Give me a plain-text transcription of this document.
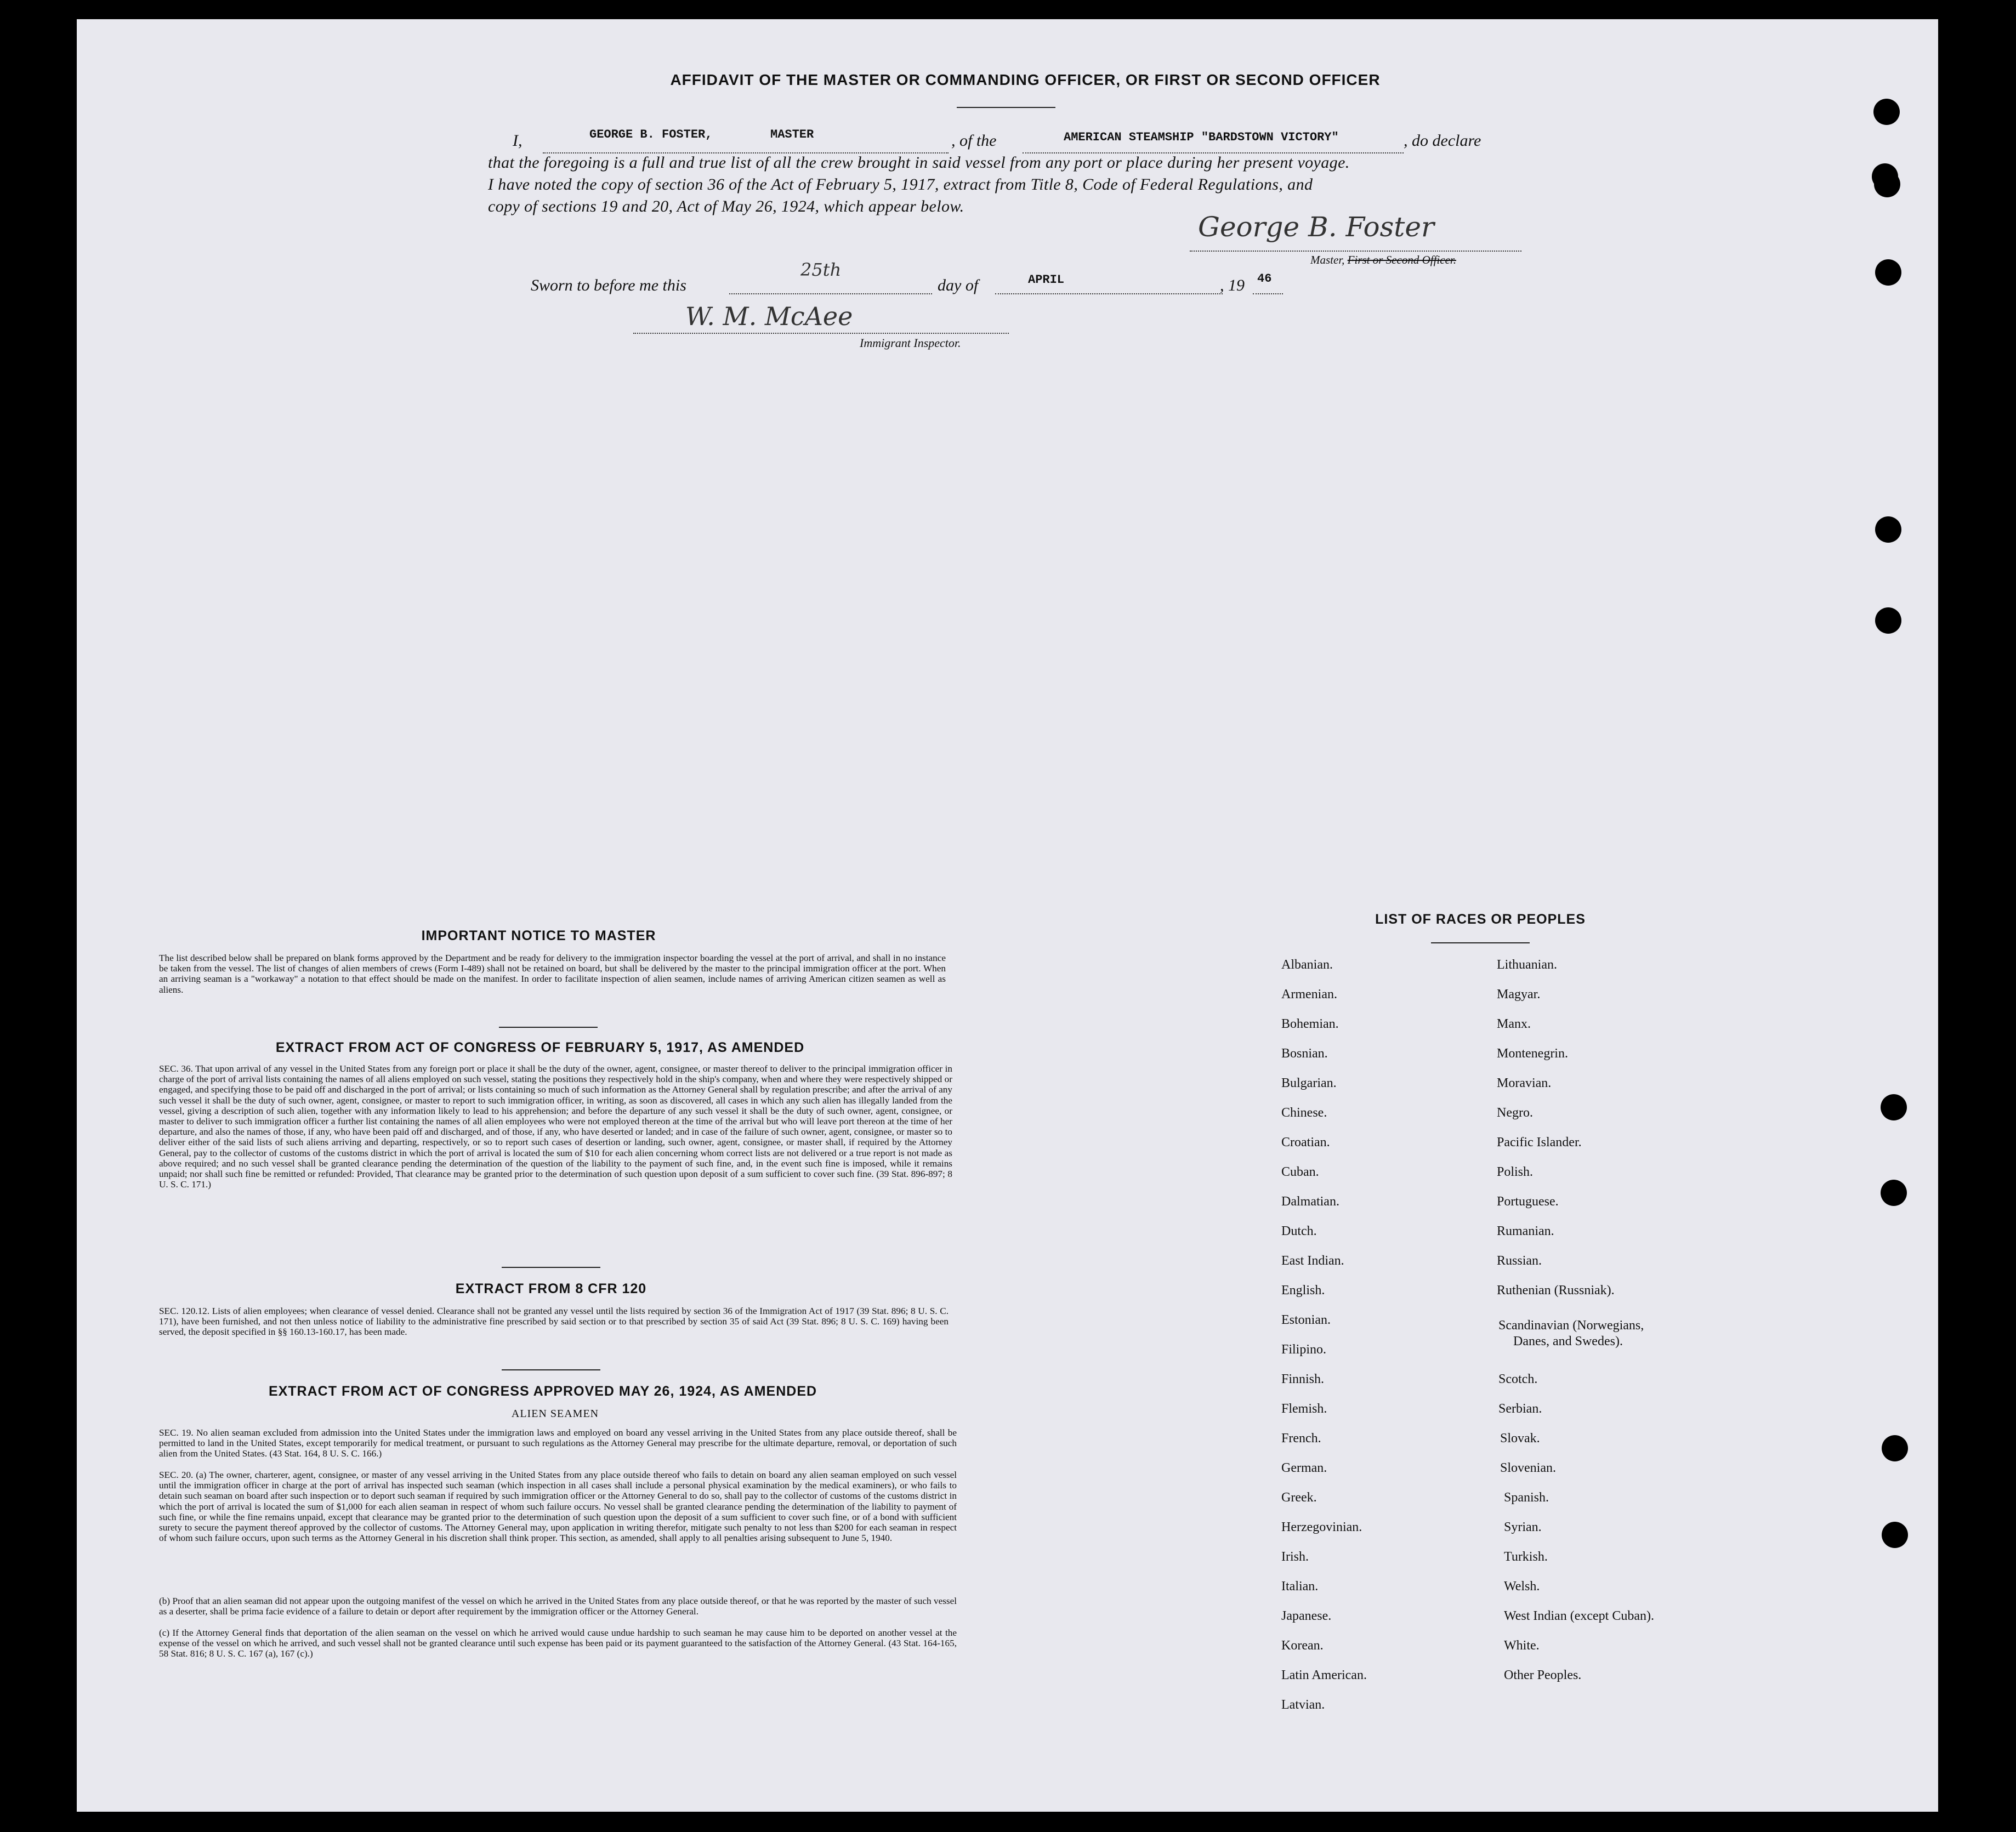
AFFIDAVIT OF THE MASTER OR COMMANDING OFFICER, OR FIRST OR SECOND OFFICER
I,	GEORGE B. FOSTER,	MASTER	, of the	AMERICAN STEAMSHIP "BARDSTOWN VICTORY"	, do declare
that the foregoing is a full and true list of all the crew brought in said vessel from any port or place during her present voyage.
I have noted the copy of section 36 of the Act of February 5, 1917, extract from Title 8, Code of Federal Regulations, and
copy of sections 19 and 20, Act of May 26, 1924, which appear below.
George B. Foster
Master, First or Second Officer.
Sworn to before me this
25th
day of	APRIL	, 19 46
W. M. McAee
Immigrant Inspector.
IMPORTANT NOTICE TO MASTER
The list described below shall be prepared on blank forms approved by the Department and be ready for delivery to the immigration inspector boarding the vessel at the port of arrival, and shall in no instance be taken from the vessel. The list of changes of alien members of crews (Form I-489) shall not be retained on board, but shall be delivered by the master to the principal immigration officer at the port. When an arriving seaman is a "workaway" a notation to that effect should be made on the manifest. In order to facilitate inspection of alien seamen, include names of arriving American citizen seamen as well as aliens.
EXTRACT FROM ACT OF CONGRESS OF FEBRUARY 5, 1917, AS AMENDED
SEC. 36. That upon arrival of any vessel in the United States from any foreign port or place it shall be the duty of the owner, agent, consignee, or master thereof to deliver to the principal immigration officer in charge of the port of arrival lists containing the names of all aliens employed on such vessel, stating the positions they respectively hold in the ship's company, when and where they were respectively shipped or engaged, and specifying those to be paid off and discharged in the port of arrival; or lists containing so much of such information as the Attorney General shall by regulation prescribe; and after the arrival of any such vessel it shall be the duty of such owner, agent, consignee, or master to report to such immigration officer, in writing, as soon as discovered, all cases in which any such alien has illegally landed from the vessel, giving a description of such alien, together with any information likely to lead to his apprehension; and before the departure of any such vessel it shall be the duty of such owner, agent, consignee, or master to deliver to such immigration officer a further list containing the names of all alien employees who were not employed thereon at the time of the arrival but who will leave port thereon at the time of her departure, and also the names of those, if any, who have been paid off and discharged, and of those, if any, who have deserted or landed; and in case of the failure of such owner, agent, consignee, or master so to deliver either of the said lists of such aliens arriving and departing, respectively, or so to report such cases of desertion or landing, such owner, agent, consignee, or master shall, if required by the Attorney General, pay to the collector of customs of the customs district in which the port of arrival is located the sum of $10 for each alien concerning whom correct lists are not delivered or a true report is not made as above required; and no such vessel shall be granted clearance pending the determination of the question of the liability to the payment of such fine, and, in the event such fine is imposed, while it remains unpaid; nor shall such fine be remitted or refunded: Provided, That clearance may be granted prior to the determination of such question upon deposit of a sum sufficient to cover such fine. (39 Stat. 896-897; 8 U. S. C. 171.)
EXTRACT FROM 8 CFR 120
SEC. 120.12. Lists of alien employees; when clearance of vessel denied. Clearance shall not be granted any vessel until the lists required by section 36 of the Immigration Act of 1917 (39 Stat. 896; 8 U. S. C. 171), have been furnished, and not then unless notice of liability to the administrative fine prescribed by said section or to that prescribed by section 35 of said Act (39 Stat. 896; 8 U. S. C. 169) having been served, the deposit specified in §§ 160.13-160.17, has been made.
EXTRACT FROM ACT OF CONGRESS APPROVED MAY 26, 1924, AS AMENDED
ALIEN SEAMEN
SEC. 19. No alien seaman excluded from admission into the United States under the immigration laws and employed on board any vessel arriving in the United States from any place outside thereof, shall be permitted to land in the United States, except temporarily for medical treatment, or pursuant to such regulations as the Attorney General may prescribe for the ultimate departure, removal, or deportation of such alien from the United States. (43 Stat. 164, 8 U. S. C. 166.)
SEC. 20. (a) The owner, charterer, agent, consignee, or master of any vessel arriving in the United States from any place outside thereof who fails to detain on board any alien seaman employed on such vessel until the immigration officer in charge at the port of arrival has inspected such seaman (which inspection in all cases shall include a personal physical examination by the medical examiners), or who fails to detain such seaman on board after such inspection or to deport such seaman if required by such immigration officer or the Attorney General to do so, shall pay to the collector of customs of the customs district in which the port of arrival is located the sum of $1,000 for each alien seaman in respect of whom such failure occurs. No vessel shall be granted clearance pending the determination of the liability to payment of such fine, or while the fine remains unpaid, except that clearance may be granted prior to the determination of such question upon the deposit of a sum sufficient to cover such fine, or of a bond with sufficient surety to secure the payment thereof approved by the collector of customs. The Attorney General may, upon application in writing therefor, mitigate such penalty to not less than $200 for each seaman in respect of whom such failure occurs, upon such terms as the Attorney General in his discretion shall think proper. This section, as amended, shall apply to all penalties arising subsequent to June 5, 1940.
(b) Proof that an alien seaman did not appear upon the outgoing manifest of the vessel on which he arrived in the United States from any place outside thereof, or that he was reported by the master of such vessel as a deserter, shall be prima facie evidence of a failure to detain or deport after requirement by the immigration officer or the Attorney General.
(c) If the Attorney General finds that deportation of the alien seaman on the vessel on which he arrived would cause undue hardship to such seaman he may cause him to be deported on another vessel at the expense of the vessel on which he arrived, and such vessel shall not be granted clearance until such expense has been paid or its payment guaranteed to the satisfaction of the Attorney General. (43 Stat. 164-165, 58 Stat. 816; 8 U. S. C. 167 (a), 167 (c).)
LIST OF RACES OR PEOPLES
Albanian.
Armenian.
Bohemian.
Bosnian.
Bulgarian.
Chinese.
Croatian.
Cuban.
Dalmatian.
Dutch.
East Indian.
English.
Estonian.
Filipino.
Finnish.
Flemish.
French.
German.
Greek.
Herzegovinian.
Irish.
Italian.
Japanese.
Korean.
Latin American.
Latvian.
Lithuanian.
Magyar.
Manx.
Montenegrin.
Moravian.
Negro.
Pacific Islander.
Polish.
Portuguese.
Rumanian.
Russian.
Ruthenian (Russniak).
Scandinavian (Norwegians,
Danes, and Swedes).
Scotch.
Serbian.
Slovak.
Slovenian.
Spanish.
Syrian.
Turkish.
Welsh.
West Indian (except Cuban).
White.
Other Peoples.
